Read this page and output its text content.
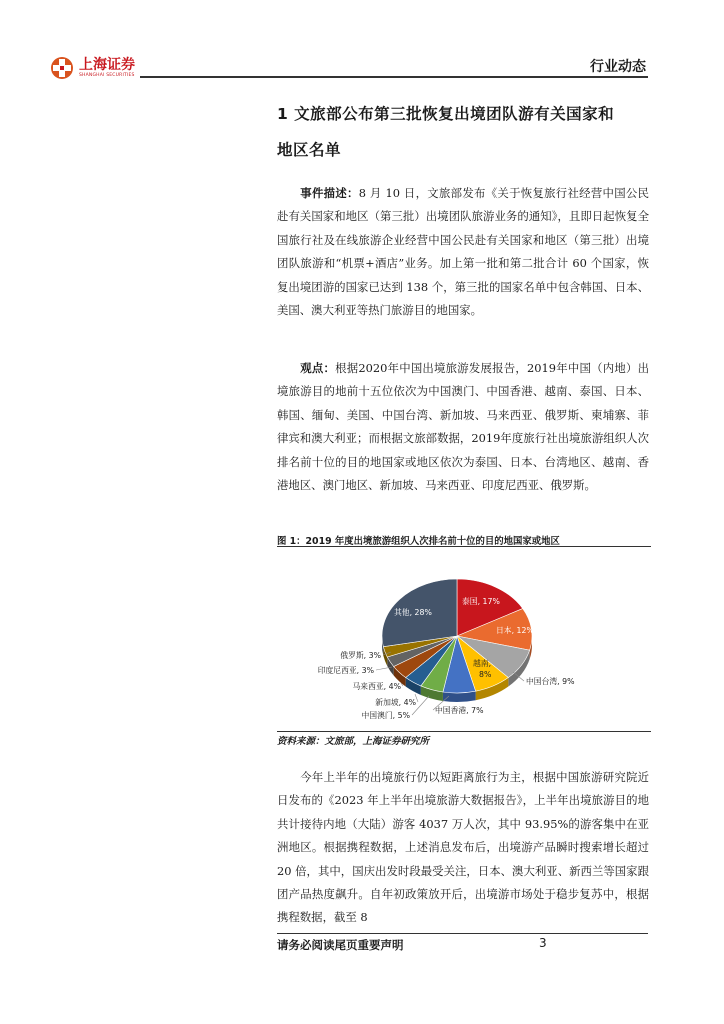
上海证券
SHANGHAI SECURITIES
行业动态
1 文旅部公布第三批恢复出境团队游有关国家和
地区名单

事件描述：8 月 10 日，文旅部发布《关于恢复旅行社经营中国公民赴有关国家和地区（第三批）出境团队旅游业务的通知》，且即日起恢复全国旅行社及在线旅游企业经营中国公民赴有关国家和地区（第三批）出境团队旅游和“机票+酒店”业务。加上第一批和第二批合计 60 个国家，恢复出境团游的国家已达到 138 个，第三批的国家名单中包含韩国、日本、美国、澳大利亚等热门旅游目的地国家。

观点：根据2020年中国出境旅游发展报告，2019年中国（内地）出境旅游目的地前十五位依次为中国澳门、中国香港、越南、泰国、日本、韩国、缅甸、美国、中国台湾、新加坡、马来西亚、俄罗斯、柬埔寨、菲律宾和澳大利亚；而根据文旅部数据，2019年度旅行社出境旅游组织人次排名前十位的目的地国家或地区依次为泰国、日本、台湾地区、越南、香港地区、澳门地区、新加坡、马来西亚、印度尼西亚、俄罗斯。

图 1：2019 年度出境旅游组织人次排名前十位的目的地国家或地区
泰国, 17%
日本, 12%
中国台湾, 9%
越南, 8%
中国香港, 7%
中国澳门, 5%
新加坡, 4%
马来西亚, 4%
印度尼西亚, 3%
俄罗斯, 3%
其他, 28%
资料来源：文旅部，上海证券研究所

今年上半年的出境旅行仍以短距离旅行为主，根据中国旅游研究院近日发布的《2023 年上半年出境旅游大数据报告》，上半年出境旅游目的地共计接待内地（大陆）游客 4037 万人次，其中 93.95%的游客集中在亚洲地区。根据携程数据，上述消息发布后，出境游产品瞬时搜索增长超过 20 倍，其中，国庆出发时段最受关注，日本、澳大利亚、新西兰等国家跟团产品热度飙升。自年初政策放开后，出境游市场处于稳步复苏中，根据携程数据，截至 8

请务必阅读尾页重要声明	3
